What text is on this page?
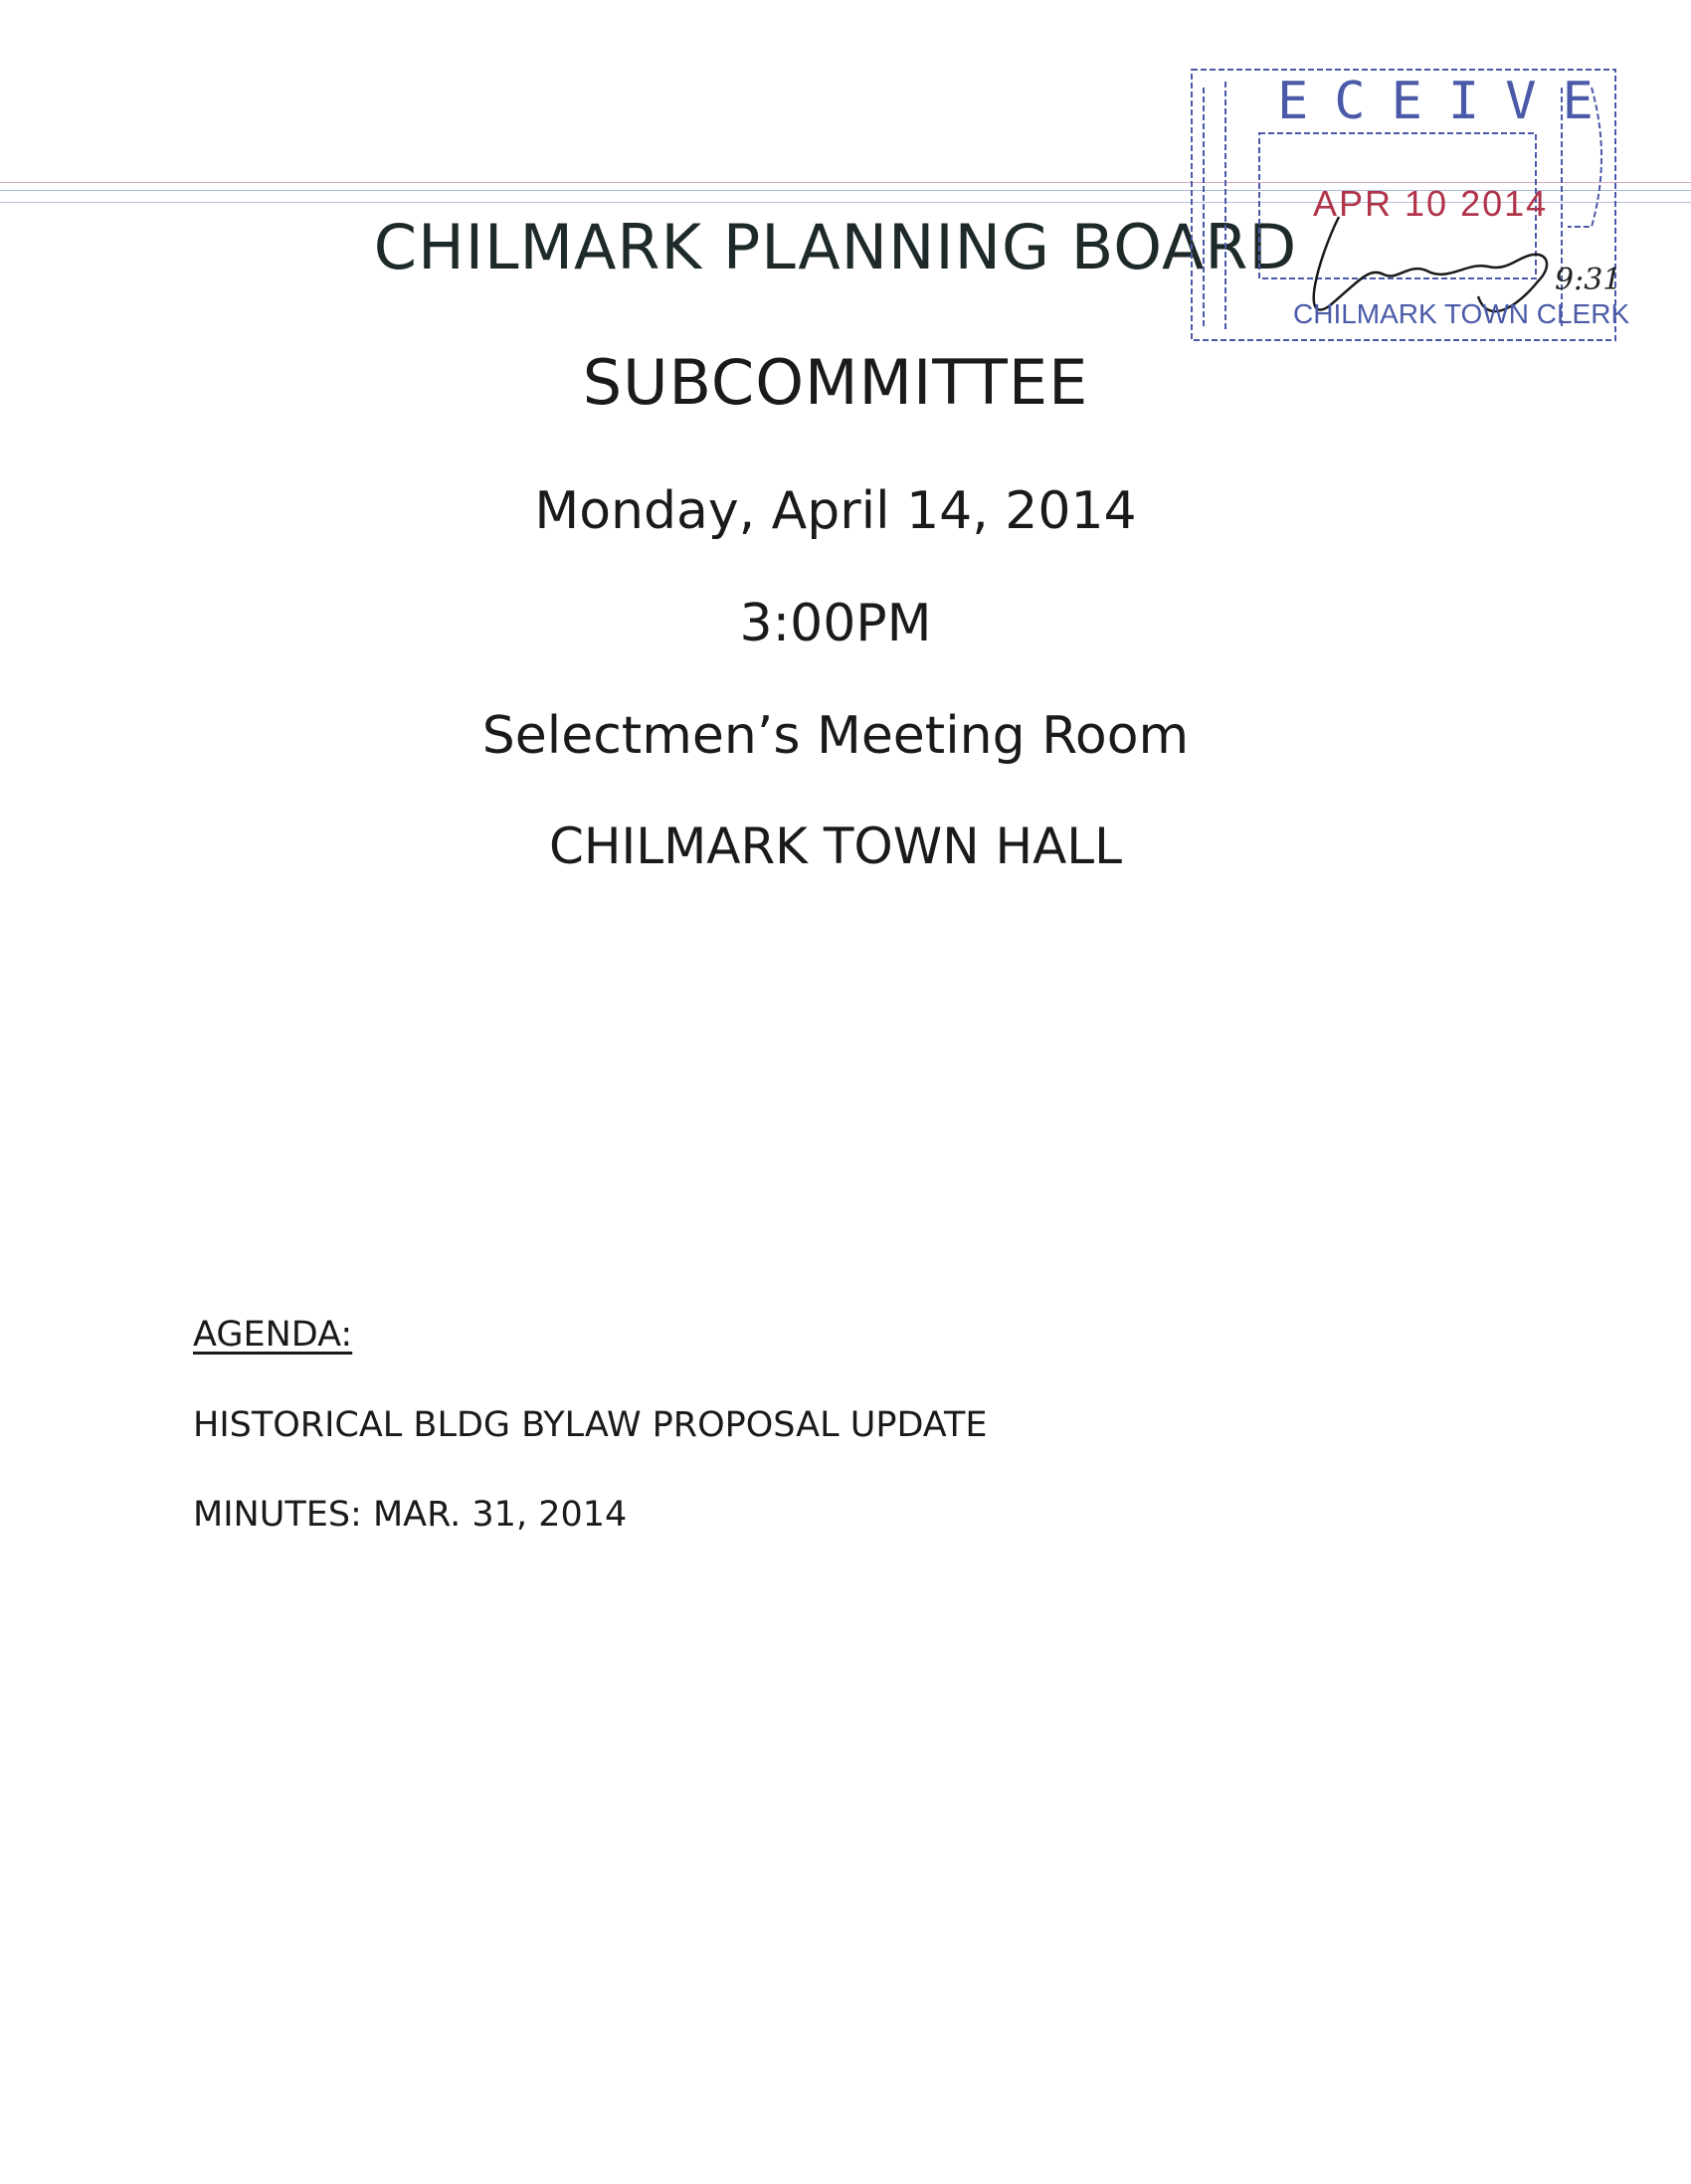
CHILMARK PLANNING BOARD
SUBCOMMITTEE
Monday, April 14, 2014
3:00PM
Selectmen’s Meeting Room
CHILMARK TOWN HALL
AGENDA:
HISTORICAL BLDG BYLAW PROPOSAL UPDATE
MINUTES: MAR. 31, 2014
ECEIVE
APR 10 2014
CHILMARK TOWN CLERK
9:31
